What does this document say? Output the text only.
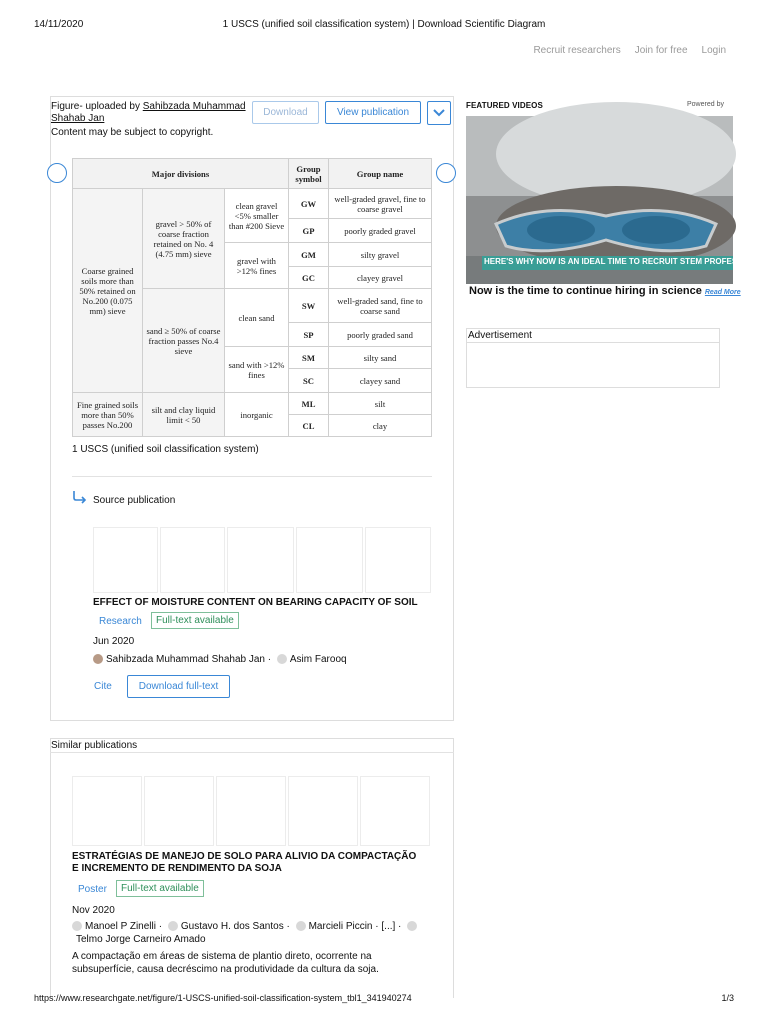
14/11/2020	1 USCS (unified soil classification system) | Download Scientific Diagram
Recruit researchers Join for free Login
Figure- uploaded by Sahibzada Muhammad Shahab Jan
Content may be subject to copyright.
Download	View publication
Major divisions			Group symbol	Group name
Coarse grained soils more than 50% retained on No.200 (0.075 mm) sieve	gravel > 50% of coarse fraction retained on No. 4 (4.75 mm) sieve	clean gravel <5% smaller than #200 Sieve	GW	well-graded gravel, fine to coarse gravel
			GP	poorly graded gravel
		gravel with >12% fines	GM	silty gravel
			GC	clayey gravel
	sand ≥ 50% of coarse fraction passes No.4 sieve	clean sand	SW	well-graded sand, fine to coarse sand
			SP	poorly graded sand
		sand with >12% fines	SM	silty sand
			SC	clayey sand
Fine grained soils more than 50% passes No.200	silt and clay liquid limit < 50	inorganic	ML	silt
			CL	clay
1 USCS (unified soil classification system)
Source publication
EFFECT OF MOISTURE CONTENT ON BEARING CAPACITY OF SOIL
Research	Full-text available
Jun 2020
Sahibzada Muhammad Shahab Jan · Asim Farooq
Cite	Download full-text
FEATURED VIDEOS	Powered by
HERE'S WHY NOW IS AN IDEAL TIME TO RECRUIT STEM PROFESSIONALS
Now is the time to continue hiring in science Read More
Advertisement
Similar publications
ESTRATÉGIAS DE MANEJO DE SOLO PARA ALIVIO DA COMPACTAÇÃO E INCREMENTO DE RENDIMENTO DA SOJA
Poster	Full-text available
Nov 2020
Manoel P Zinelli · Gustavo H. dos Santos · Marcieli Piccin · [...] ·
Telmo Jorge Carneiro Amado
A compactação em áreas de sistema de plantio direto, ocorrente na subsuperfície, causa decréscimo na produtividade da cultura da soja.
https://www.researchgate.net/figure/1-USCS-unified-soil-classification-system_tbl1_341940274	1/3
